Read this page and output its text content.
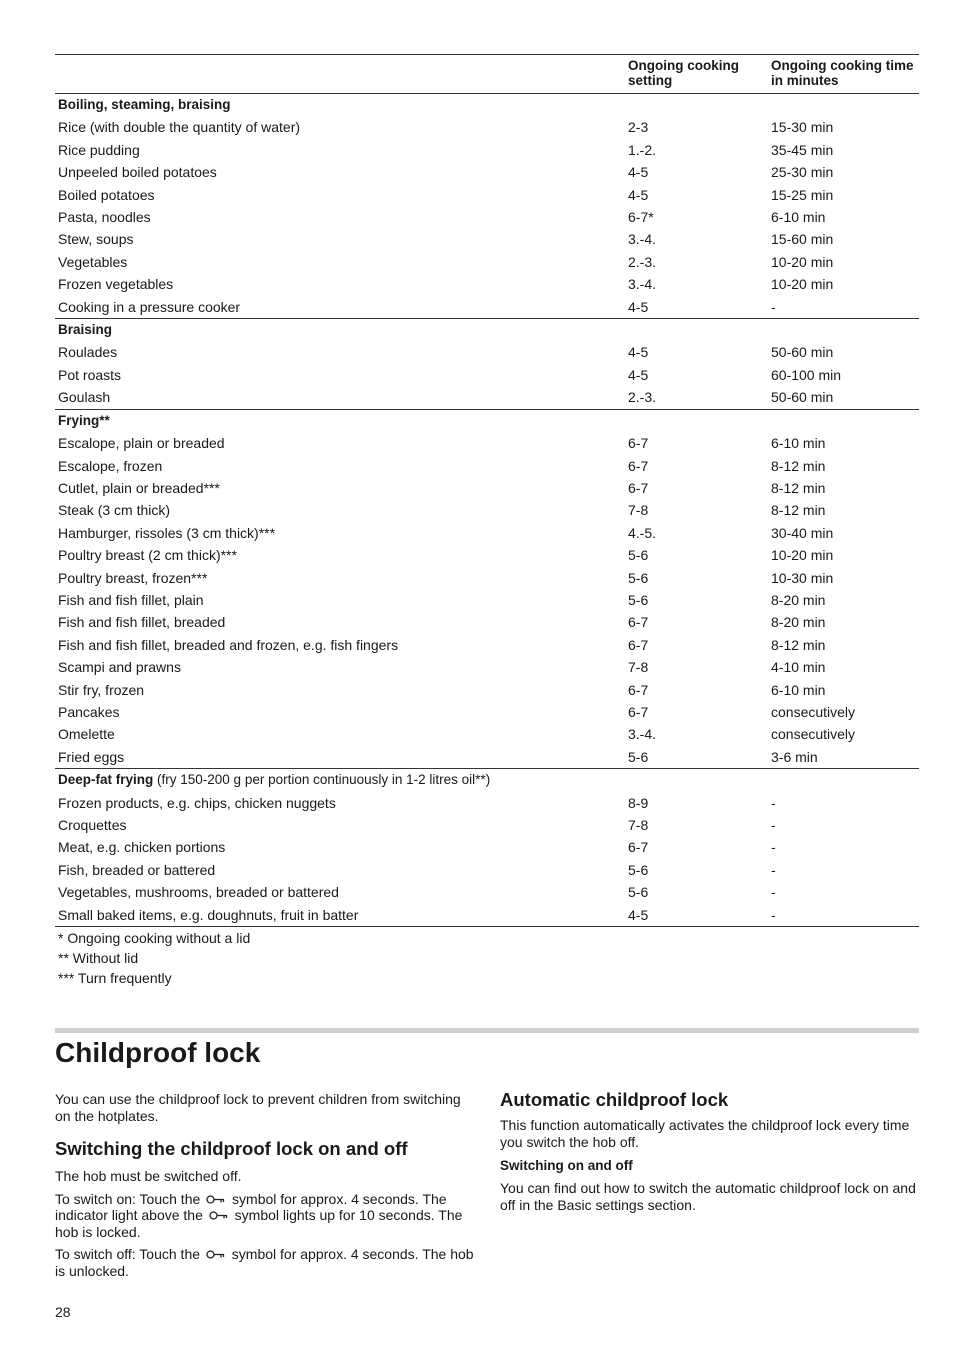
	Ongoing cooking setting	Ongoing cooking time in minutes
Boiling, steaming, braising		
Rice (with double the quantity of water)	2-3	15-30 min
Rice pudding	1.-2.	35-45 min
Unpeeled boiled potatoes	4-5	25-30 min
Boiled potatoes	4-5	15-25 min
Pasta, noodles	6-7*	6-10 min
Stew, soups	3.-4.	15-60 min
Vegetables	2.-3.	10-20 min
Frozen vegetables	3.-4.	10-20 min
Cooking in a pressure cooker	4-5	-
Braising		
Roulades	4-5	50-60 min
Pot roasts	4-5	60-100 min
Goulash	2.-3.	50-60 min
Frying**		
Escalope, plain or breaded	6-7	6-10 min
Escalope, frozen	6-7	8-12 min
Cutlet, plain or breaded***	6-7	8-12 min
Steak (3 cm thick)	7-8	8-12 min
Hamburger, rissoles (3 cm thick)***	4.-5.	30-40 min
Poultry breast (2 cm thick)***	5-6	10-20 min
Poultry breast, frozen***	5-6	10-30 min
Fish and fish fillet, plain	5-6	8-20 min
Fish and fish fillet, breaded	6-7	8-20 min
Fish and fish fillet, breaded and frozen, e.g. fish fingers	6-7	8-12 min
Scampi and prawns	7-8	4-10 min
Stir fry, frozen	6-7	6-10 min
Pancakes	6-7	consecutively
Omelette	3.-4.	consecutively
Fried eggs	5-6	3-6 min
Deep-fat frying (fry 150-200 g per portion continuously in 1-2 litres oil**)		
Frozen products, e.g. chips, chicken nuggets	8-9	-
Croquettes	7-8	-
Meat, e.g. chicken portions	6-7	-
Fish, breaded or battered	5-6	-
Vegetables, mushrooms, breaded or battered	5-6	-
Small baked items, e.g. doughnuts, fruit in batter	4-5	-
* Ongoing cooking without a lid
** Without lid
*** Turn frequently
Childproof lock

You can use the childproof lock to prevent children from switching on the hotplates.

Switching the childproof lock on and off

The hob must be switched off.

To switch on: Touch the  symbol for approx. 4 seconds. The indicator light above the  symbol lights up for 10 seconds. The hob is locked.

To switch off: Touch the  symbol for approx. 4 seconds. The hob is unlocked.

Automatic childproof lock

This function automatically activates the childproof lock every time you switch the hob off.

Switching on and off

You can find out how to switch the automatic childproof lock on and off in the Basic settings section.

28
